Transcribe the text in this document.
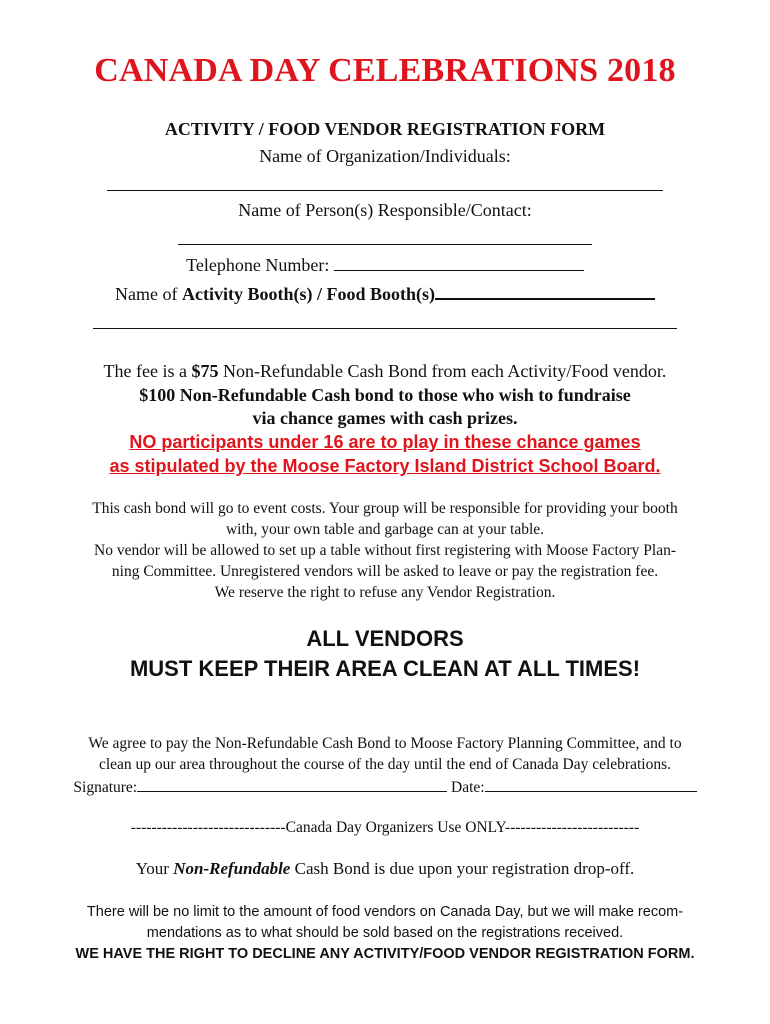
CANADA DAY CELEBRATIONS 2018
ACTIVITY / FOOD VENDOR REGISTRATION FORM
Name of Organization/Individuals:
Name of Person(s) Responsible/Contact:
Telephone Number:
Name of Activity Booth(s) / Food Booth(s)
The fee is a $75 Non-Refundable Cash Bond from each Activity/Food vendor.
$100 Non-Refundable Cash bond to those who wish to fundraise
via chance games with cash prizes.
NO participants under 16 are to play in these chance games
as stipulated by the Moose Factory Island District School Board.
This cash bond will go to event costs. Your group will be responsible for providing your booth
with, your own table and garbage can at your table.
No vendor will be allowed to set up a table without first registering with Moose Factory Plan-
ning Committee. Unregistered vendors will be asked to leave or pay the registration fee.
We reserve the right to refuse any Vendor Registration.
ALL VENDORS
MUST KEEP THEIR AREA CLEAN AT ALL TIMES!
We agree to pay the Non-Refundable Cash Bond to Moose Factory Planning Committee, and to
clean up our area throughout the course of the day until the end of Canada Day celebrations.
Signature:	Date:
------------------------------Canada Day Organizers Use ONLY--------------------------
Your Non-Refundable Cash Bond is due upon your registration drop-off.
There will be no limit to the amount of food vendors on Canada Day, but we will make recom-
mendations as to what should be sold based on the registrations received.
WE HAVE THE RIGHT TO DECLINE ANY ACTIVITY/FOOD VENDOR REGISTRATION FORM.
